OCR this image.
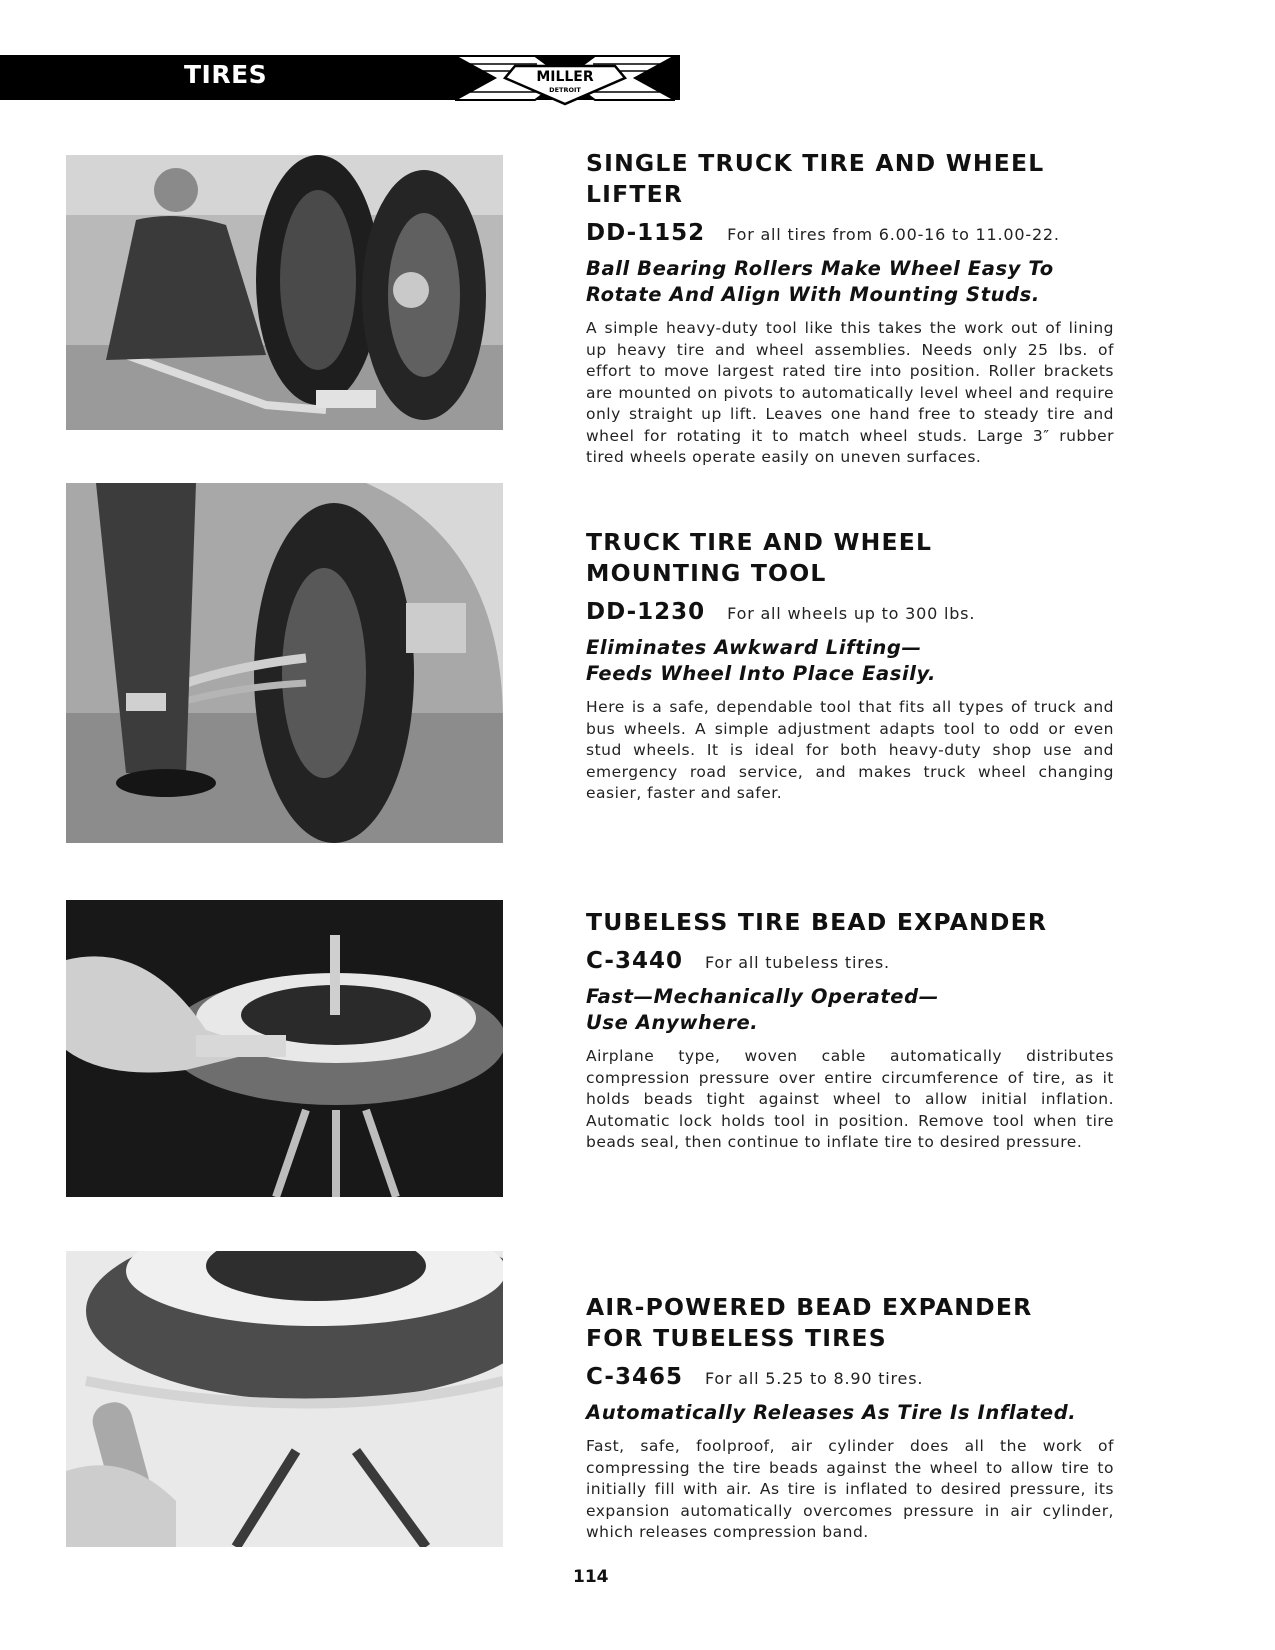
TIRES	MILLER
DETROIT
SINGLE TRUCK TIRE AND WHEEL LIFTER
DD-1152 For all tires from 6.00-16 to 11.00-22.
Ball Bearing Rollers Make Wheel Easy To
Rotate And Align With Mounting Studs.
A simple heavy-duty tool like this takes the work out of lining up heavy tire and wheel assemblies. Needs only 25 lbs. of effort to move largest rated tire into position. Roller brackets are mounted on pivots to automatically level wheel and require only straight up lift. Leaves one hand free to steady tire and wheel for rotating it to match wheel studs. Large 3″ rubber tired wheels operate easily on uneven surfaces.
TRUCK TIRE AND WHEEL
MOUNTING TOOL
DD-1230 For all wheels up to 300 lbs.
Eliminates Awkward Lifting—
Feeds Wheel Into Place Easily.
Here is a safe, dependable tool that fits all types of truck and bus wheels. A simple adjustment adapts tool to odd or even stud wheels. It is ideal for both heavy-duty shop use and emergency road service, and makes truck wheel changing easier, faster and safer.
TUBELESS TIRE BEAD EXPANDER
C-3440 For all tubeless tires.
Fast—Mechanically Operated—
Use Anywhere.
Airplane type, woven cable automatically distributes compression pressure over entire circumference of tire, as it holds beads tight against wheel to allow initial inflation. Automatic lock holds tool in position. Remove tool when tire beads seal, then continue to inflate tire to desired pressure.
AIR-POWERED BEAD EXPANDER
FOR TUBELESS TIRES
C-3465 For all 5.25 to 8.90 tires.
Automatically Releases As Tire Is Inflated.
Fast, safe, foolproof, air cylinder does all the work of compressing the tire beads against the wheel to allow tire to initially fill with air. As tire is inflated to desired pressure, its expansion automatically overcomes pressure in air cylinder, which releases compression band.
114
